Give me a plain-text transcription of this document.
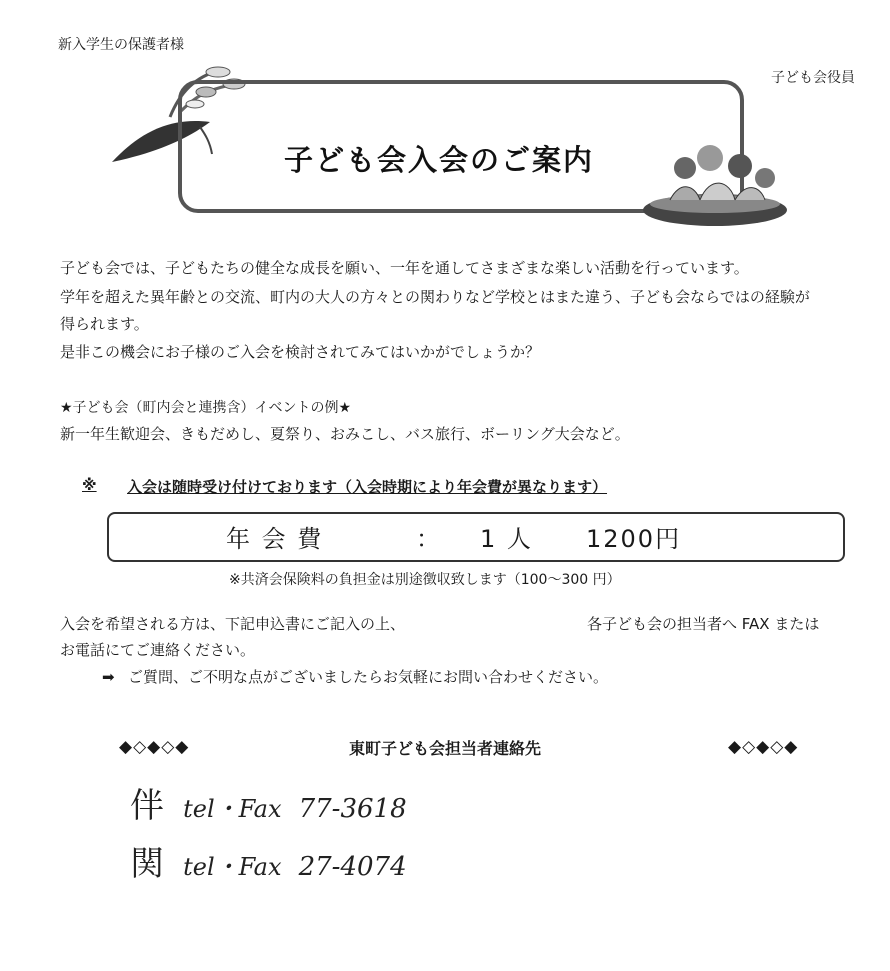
新入学生の保護者様
子ども会役員
子ども会入会のご案内
子ども会では、子どもたちの健全な成長を願い、一年を通してさまざまな楽しい活動を行っています。
学年を超えた異年齢との交流、町内の大人の方々との関わりなど学校とはまた違う、子ども会ならではの経験が
得られます。
是非この機会にお子様のご入会を検討されてみてはいかがでしょうか？
★子ども会（町内会と連携含）イベントの例★
新一年生歓迎会、きもだめし、夏祭り、おみこし、バス旅行、ボーリング大会など。
※ 入会は随時受け付けております（入会時期により年会費が異なります）
年 会 費	： 1 人 1200円
※共済会保険料の負担金は別途徴収致します（100～300 円）
入会を希望される方は、下記申込書にご記入の上、	各子ども会の担当者へ FAX または
お電話にてご連絡ください。
➡ ご質問、ご不明な点がございましたらお気軽にお問い合わせください。
◆◇◆◇◆	東町子ども会担当者連絡先	◆◇◆◇◆
伴 tel・Fax 77-3618
関 tel・Fax 27-4074
